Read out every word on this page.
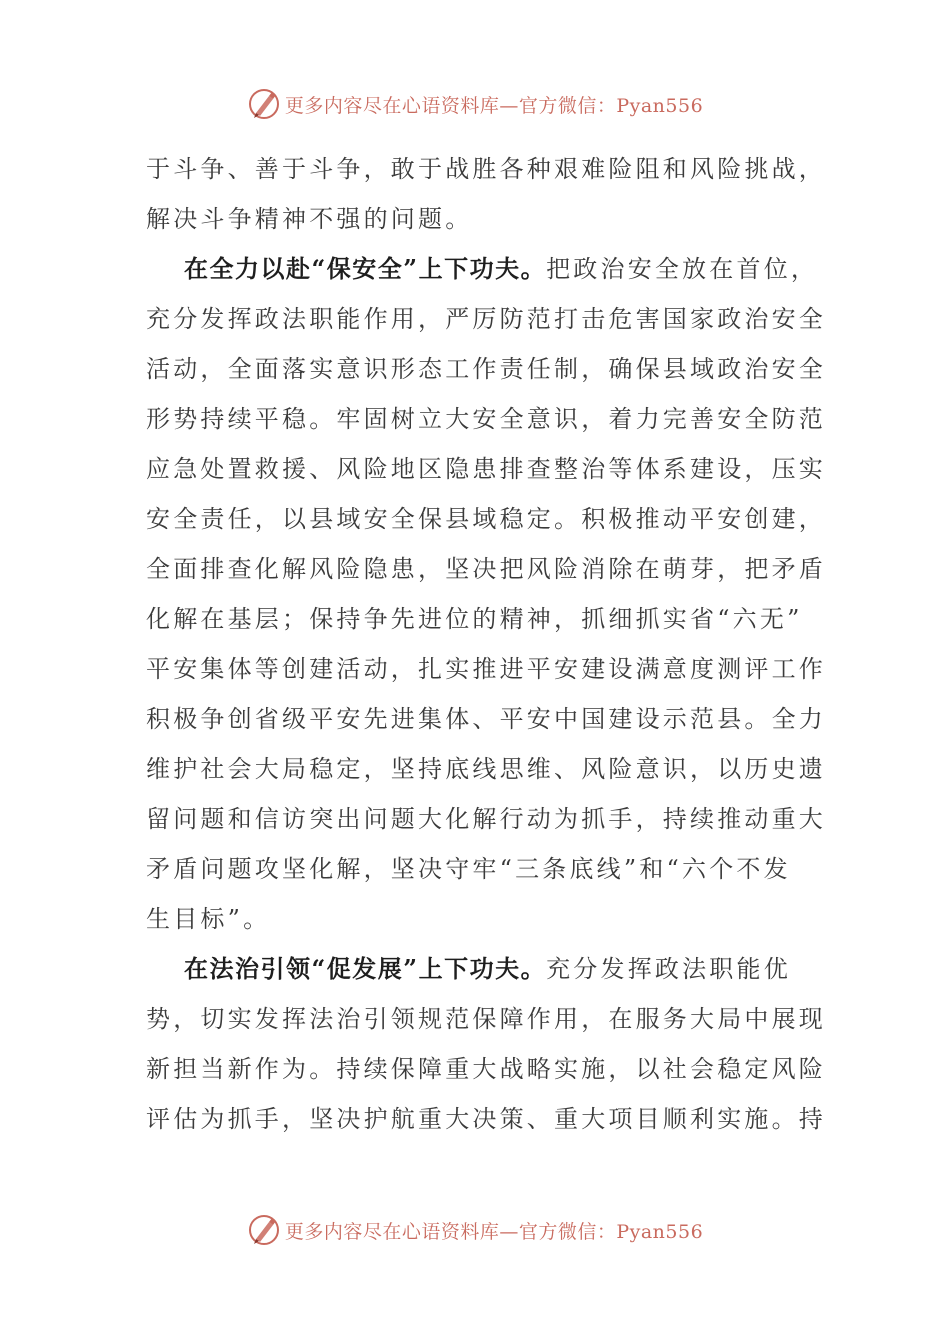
更多内容尽在心语资料库—官方微信：Pyan556
于斗争、善于斗争，敢于战胜各种艰难险阻和风险挑战，
解决斗争精神不强的问题。
在全力以赴“保安全”上下功夫。把政治安全放在首位，
充分发挥政法职能作用，严厉防范打击危害国家政治安全
活动，全面落实意识形态工作责任制，确保县域政治安全
形势持续平稳。牢固树立大安全意识，着力完善安全防范
应急处置救援、风险地区隐患排查整治等体系建设，压实
安全责任，以县域安全保县域稳定。积极推动平安创建，
全面排查化解风险隐患，坚决把风险消除在萌芽，把矛盾
化解在基层；保持争先进位的精神，抓细抓实省“六无”
平安集体等创建活动，扎实推进平安建设满意度测评工作
积极争创省级平安先进集体、平安中国建设示范县。全力
维护社会大局稳定，坚持底线思维、风险意识，以历史遗
留问题和信访突出问题大化解行动为抓手，持续推动重大
矛盾问题攻坚化解，坚决守牢“三条底线”和“六个不发
生目标”。
在法治引领“促发展”上下功夫。充分发挥政法职能优
势，切实发挥法治引领规范保障作用，在服务大局中展现
新担当新作为。持续保障重大战略实施，以社会稳定风险
评估为抓手，坚决护航重大决策、重大项目顺利实施。持
更多内容尽在心语资料库—官方微信：Pyan556
